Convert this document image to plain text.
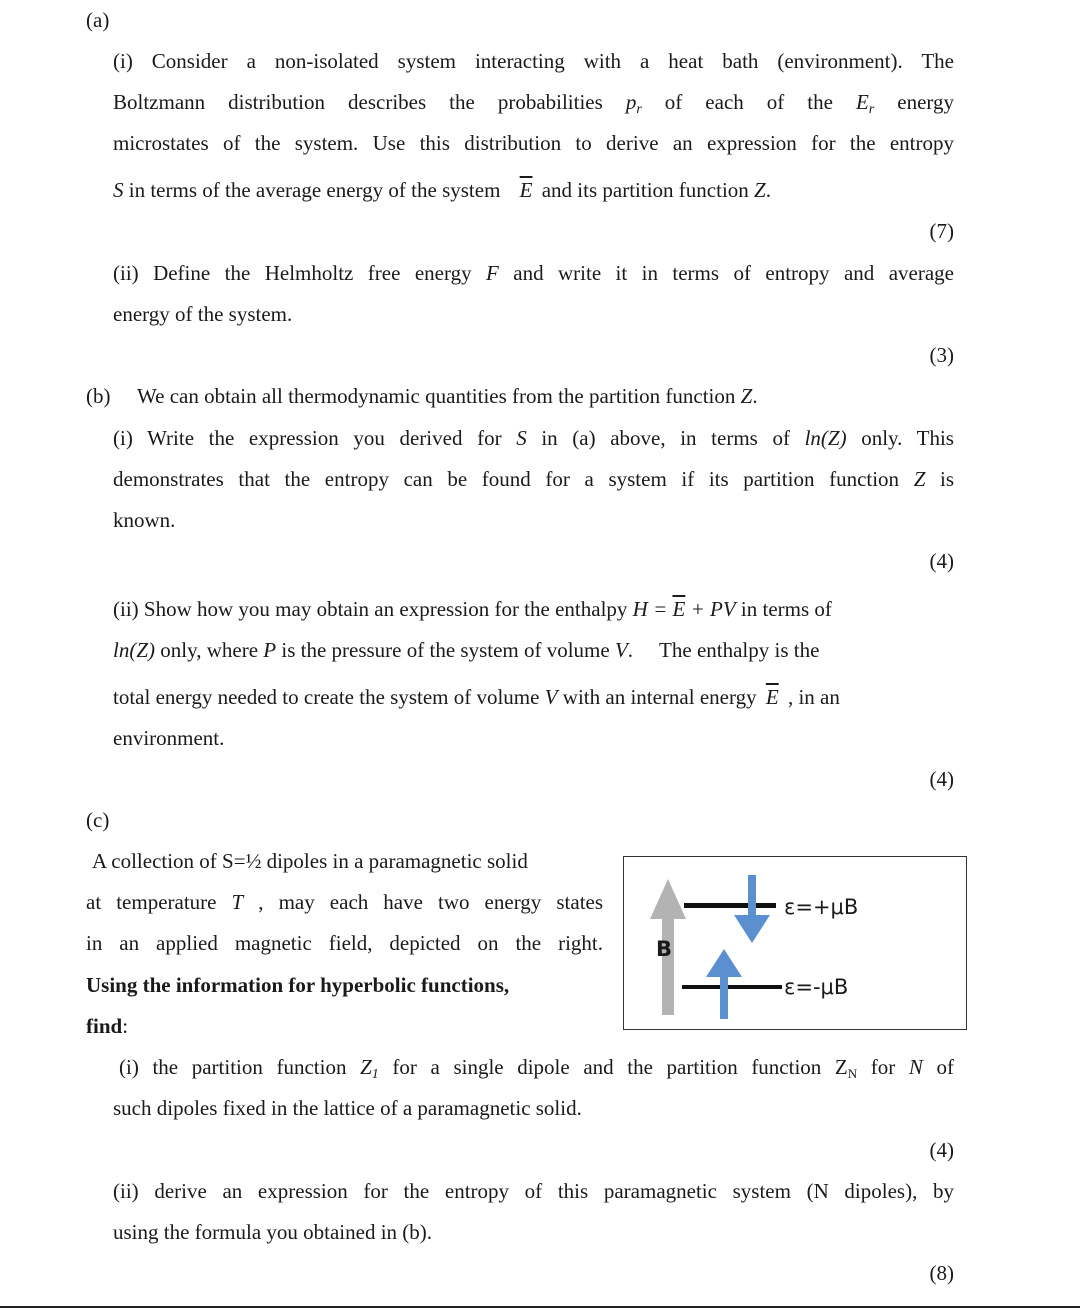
(a)
(i) Consider a non-isolated system interacting with a heat bath (environment). The
Boltzmann distribution describes the probabilities $p_r$ of each of the $E_r$ energy
microstates of the system. Use this distribution to derive an expression for the entropy
S in terms of the average energy of the system $\overline{E}$ and its partition function Z.
(7)
(ii) Define the Helmholtz free energy F and write it in terms of entropy and average
energy of the system.
(3)
(b) We can obtain all thermodynamic quantities from the partition function Z.
(i) Write the expression you derived for S in (a) above, in terms of ln(Z) only. This
demonstrates that the entropy can be found for a system if its partition function Z is
known.
(4)
(ii) Show how you may obtain an expression for the enthalpy $H = \overline{E}$ + PV in terms of
ln(Z) only, where P is the pressure of the system of volume V. The enthalpy is the
total energy needed to create the system of volume V with an internal energy $\overline{E}$ , in an
environment.
(4)
(c)
A collection of S=½ dipoles in a paramagnetic solid
at temperature T , may each have two energy states
in an applied magnetic field, depicted on the right.
Using the information for hyperbolic functions,
find:
B
ε=+μB
ε=-μB
(i) the partition function $Z_1$ for a single dipole and the partition function $Z_N$ for N of
such dipoles fixed in the lattice of a paramagnetic solid.
(4)
(ii) derive an expression for the entropy of this paramagnetic system (N dipoles), by
using the formula you obtained in (b).
(8)
